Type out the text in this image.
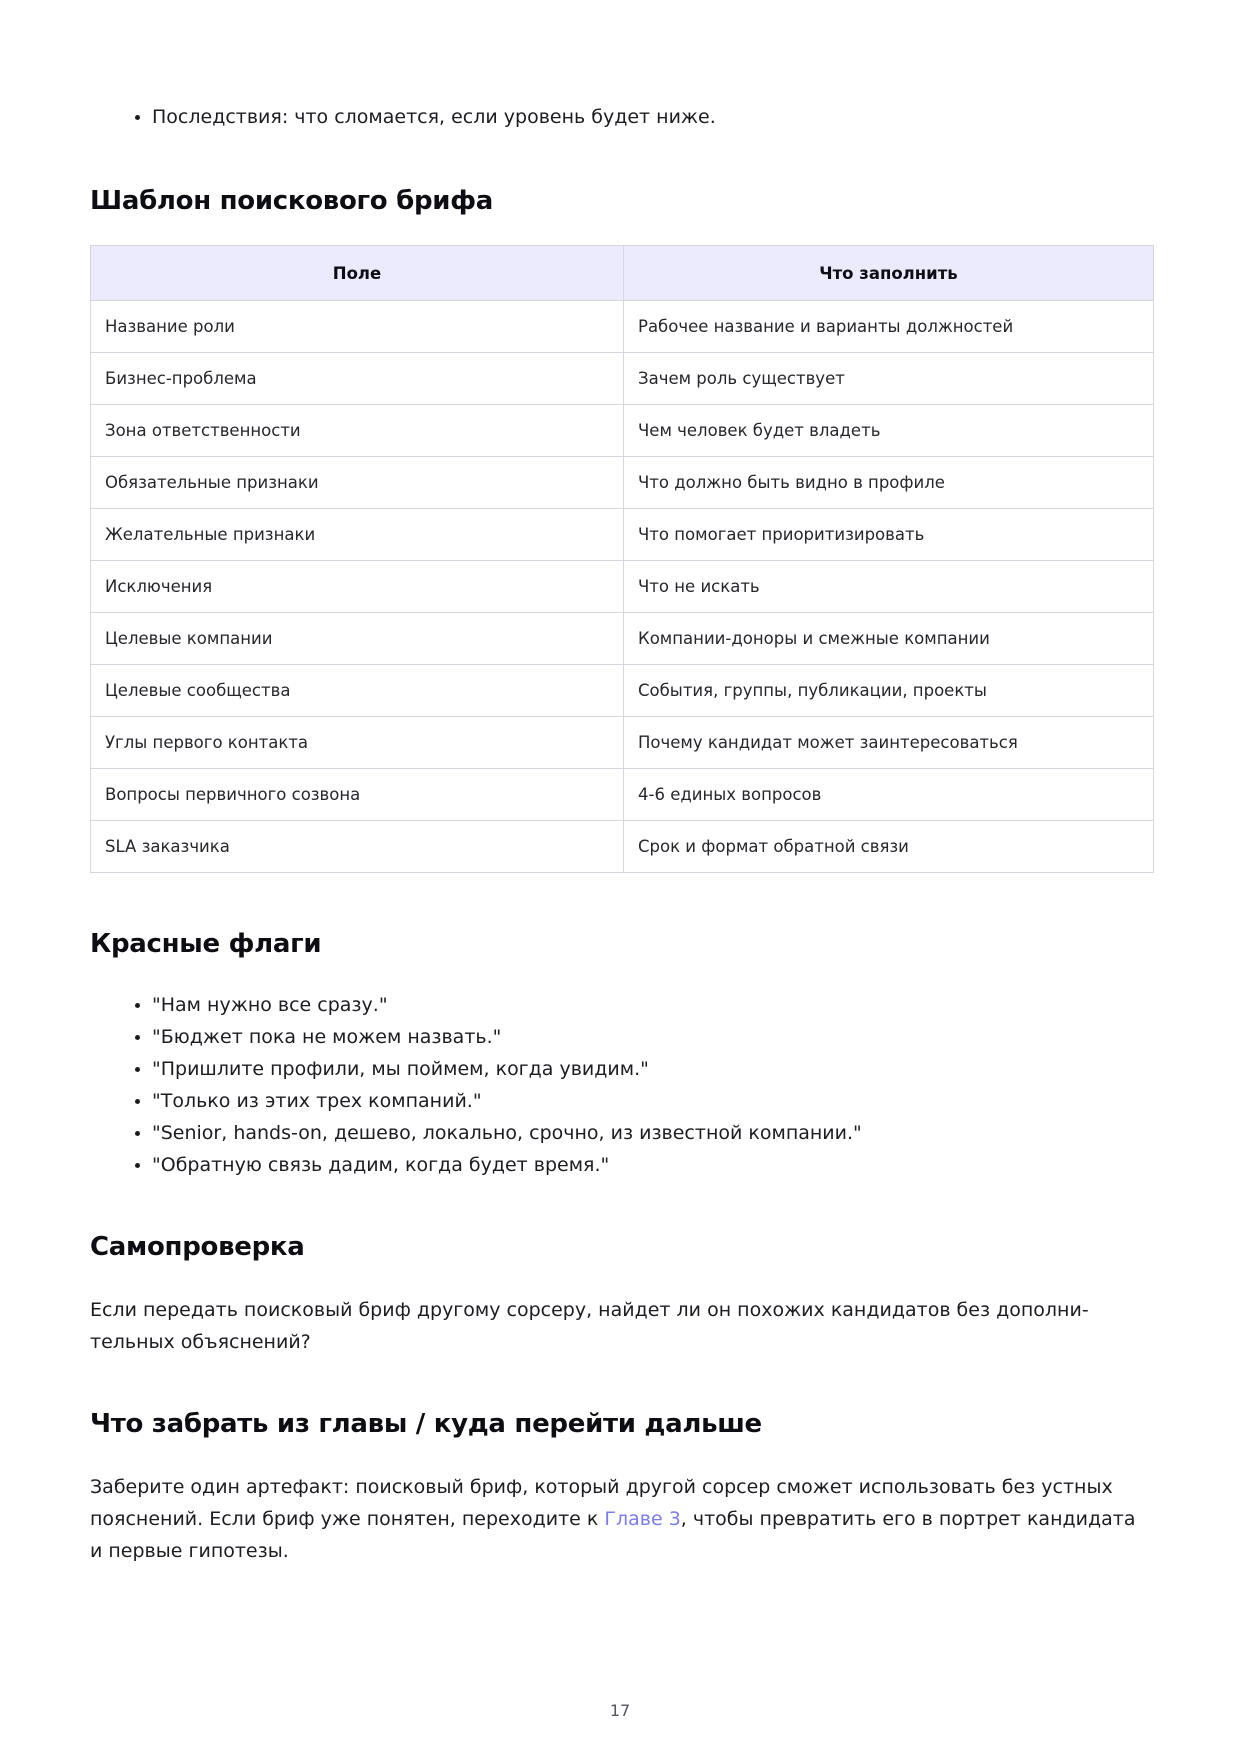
• Последствия: что сломается, если уровень будет ниже.
Шаблон поискового брифа
Поле	Что заполнить
Название роли	Рабочее название и варианты должностей
Бизнес-проблема	Зачем роль существует
Зона ответственности	Чем человек будет владеть
Обязательные признаки	Что должно быть видно в профиле
Желательные признаки	Что помогает приоритизировать
Исключения	Что не искать
Целевые компании	Компании-доноры и смежные компании
Целевые сообщества	События, группы, публикации, проекты
Углы первого контакта	Почему кандидат может заинтересоваться
Вопросы первичного созвона	4-6 единых вопросов
SLA заказчика	Срок и формат обратной связи
Красные флаги
• "Нам нужно все сразу."
• "Бюджет пока не можем назвать."
• "Пришлите профили, мы поймем, когда увидим."
• "Только из этих трех компаний."
• "Senior, hands-on, дешево, локально, срочно, из известной компании."
• "Обратную связь дадим, когда будет время."
Самопроверка

Если передать поисковый бриф другому сорсеру, найдет ли он похожих кандидатов без дополни-
тельных объяснений?

Что забрать из главы / куда перейти дальше

Заберите один артефакт: поисковый бриф, который другой сорсер сможет использовать без устных
пояснений. Если бриф уже понятен, переходите к Главе 3, чтобы превратить его в портрет кандидата
и первые гипотезы.

17
